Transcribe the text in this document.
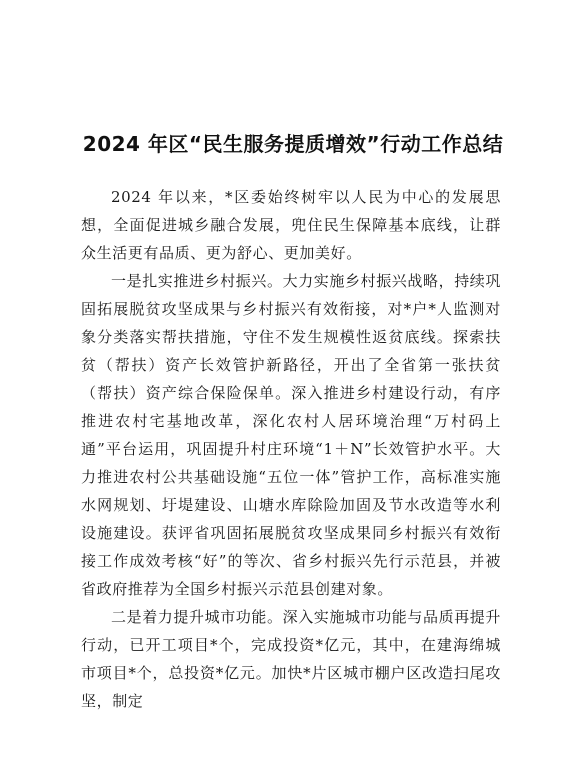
2024 年区“民生服务提质增效”行动工作总结

2024 年以来，*区委始终树牢以人民为中心的发展思想，全面促进城乡融合发展，兜住民生保障基本底线，让群众生活更有品质、更为舒心、更加美好。

一是扎实推进乡村振兴。大力实施乡村振兴战略，持续巩固拓展脱贫攻坚成果与乡村振兴有效衔接，对*户*人监测对象分类落实帮扶措施，守住不发生规模性返贫底线。探索扶贫（帮扶）资产长效管护新路径，开出了全省第一张扶贫（帮扶）资产综合保险保单。深入推进乡村建设行动，有序推进农村宅基地改革，深化农村人居环境治理“万村码上通”平台运用，巩固提升村庄环境“1＋N”长效管护水平。大力推进农村公共基础设施“五位一体”管护工作，高标准实施水网规划、圩堤建设、山塘水库除险加固及节水改造等水利设施建设。获评省巩固拓展脱贫攻坚成果同乡村振兴有效衔接工作成效考核“好”的等次、省乡村振兴先行示范县，并被省政府推荐为全国乡村振兴示范县创建对象。

二是着力提升城市功能。深入实施城市功能与品质再提升行动，已开工项目*个，完成投资*亿元，其中，在建海绵城市项目*个，总投资*亿元。加快*片区城市棚户区改造扫尾攻坚，制定
